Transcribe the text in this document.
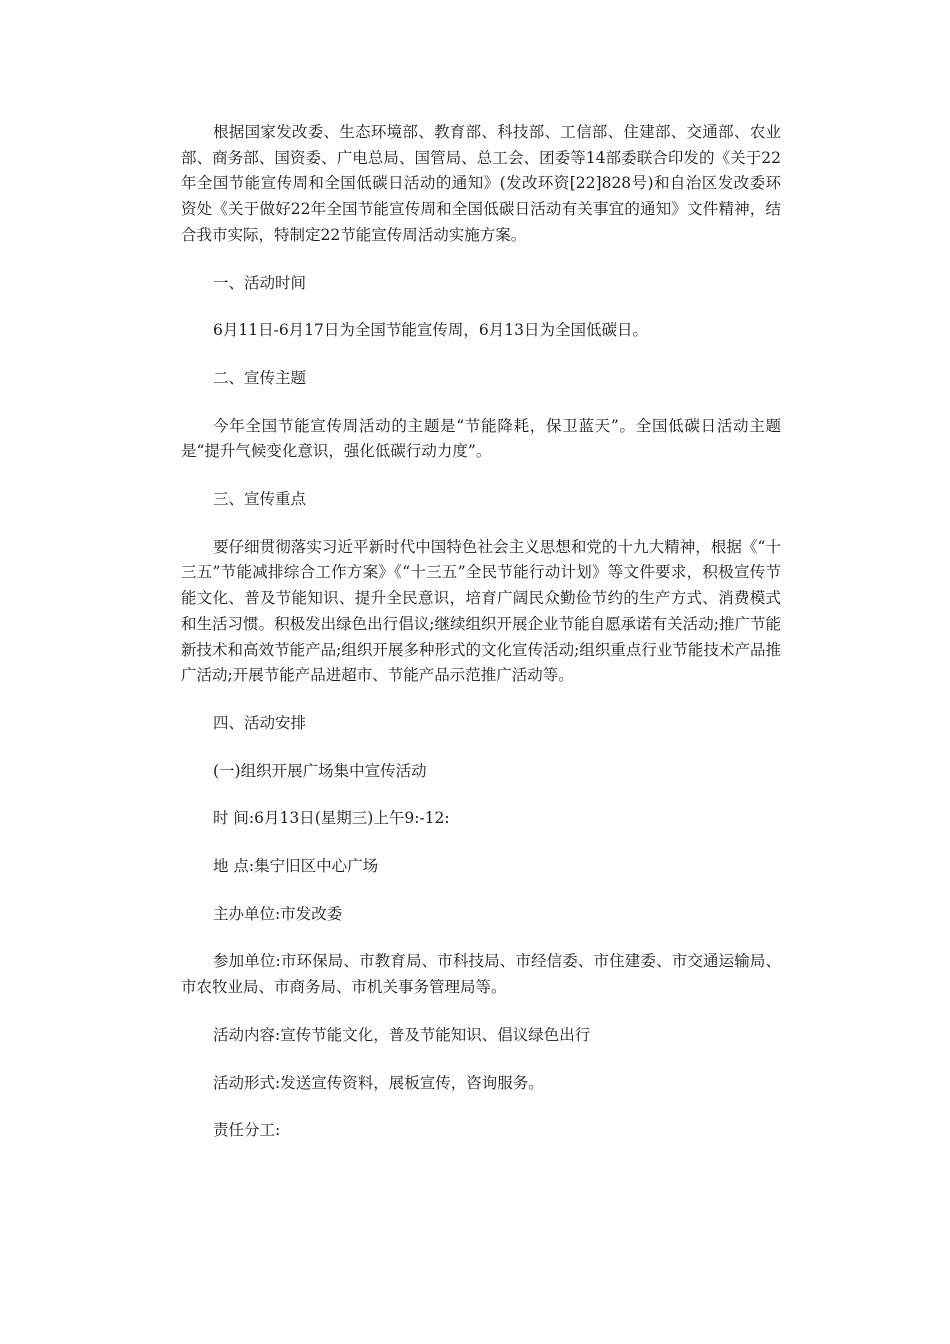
根据国家发改委、生态环境部、教育部、科技部、工信部、住建部、交通部、农业部、商务部、国资委、广电总局、国管局、总工会、团委等14部委联合印发的《关于22年全国节能宣传周和全国低碳日活动的通知》(发改环资[22]828号)和自治区发改委环资处《关于做好22年全国节能宣传周和全国低碳日活动有关事宜的通知》文件精神，结合我市实际，特制定22节能宣传周活动实施方案。

一、活动时间

6月11日-6月17日为全国节能宣传周，6月13日为全国低碳日。

二、宣传主题

今年全国节能宣传周活动的主题是“节能降耗，保卫蓝天”。全国低碳日活动主题是“提升气候变化意识，强化低碳行动力度”。

三、宣传重点

要仔细贯彻落实习近平新时代中国特色社会主义思想和党的十九大精神，根据《“十三五”节能减排综合工作方案》《“十三五”全民节能行动计划》等文件要求，积极宣传节能文化、普及节能知识、提升全民意识，培育广阔民众勤俭节约的生产方式、消费模式和生活习惯。积极发出绿色出行倡议;继续组织开展企业节能自愿承诺有关活动;推广节能新技术和高效节能产品;组织开展多种形式的文化宣传活动;组织重点行业节能技术产品推广活动;开展节能产品进超市、节能产品示范推广活动等。

四、活动安排

(一)组织开展广场集中宣传活动

时 间:6月13日(星期三)上午9:-12:

地 点:集宁旧区中心广场

主办单位:市发改委

参加单位:市环保局、市教育局、市科技局、市经信委、市住建委、市交通运输局、市农牧业局、市商务局、市机关事务管理局等。

活动内容:宣传节能文化，普及节能知识、倡议绿色出行

活动形式:发送宣传资料，展板宣传，咨询服务。

责任分工:
